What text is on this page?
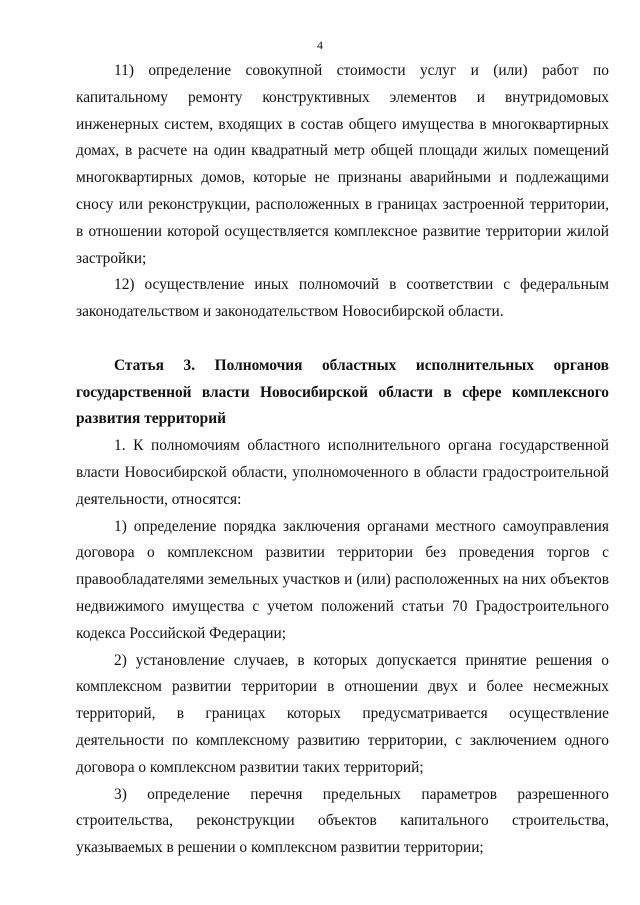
4

11) определение совокупной стоимости услуг и (или) работ по капитальному ремонту конструктивных элементов и внутридомовых инженерных систем, входящих в состав общего имущества в многоквартирных домах, в расчете на один квадратный метр общей площади жилых помещений многоквартирных домов, которые не признаны аварийными и подлежащими сносу или реконструкции, расположенных в границах застроенной территории, в отношении которой осуществляется комплексное развитие территории жилой застройки;

12) осуществление иных полномочий в соответствии с федеральным законодательством и законодательством Новосибирской области.

Статья 3. Полномочия областных исполнительных органов государственной власти Новосибирской области в сфере комплексного развития территорий

1. К полномочиям областного исполнительного органа государственной власти Новосибирской области, уполномоченного в области градостроительной деятельности, относятся:

1) определение порядка заключения органами местного самоуправления договора о комплексном развитии территории без проведения торгов с правообладателями земельных участков и (или) расположенных на них объектов недвижимого имущества с учетом положений статьи 70 Градостроительного кодекса Российской Федерации;

2) установление случаев, в которых допускается принятие решения о комплексном развитии территории в отношении двух и более несмежных территорий, в границах которых предусматривается осуществление деятельности по комплексному развитию территории, с заключением одного договора о комплексном развитии таких территорий;

3) определение перечня предельных параметров разрешенного строительства, реконструкции объектов капитального строительства, указываемых в решении о комплексном развитии территории;
